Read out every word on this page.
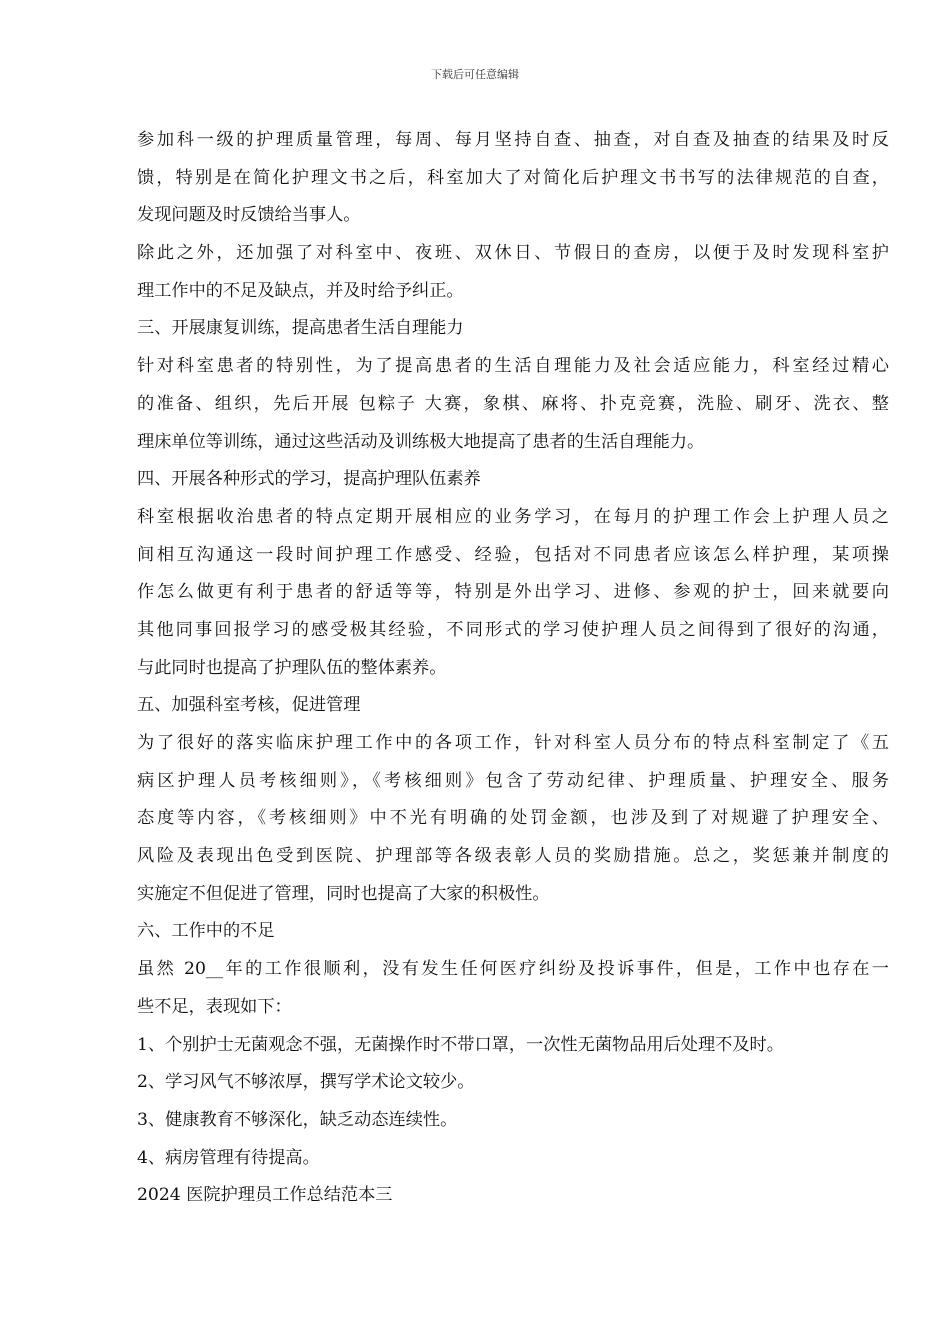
下载后可任意编辑
参加科一级的护理质量管理，每周、每月坚持自查、抽查，对自查及抽查的结果及时反
馈，特别是在简化护理文书之后，科室加大了对简化后护理文书书写的法律规范的自查，
发现问题及时反馈给当事人。
除此之外，还加强了对科室中、夜班、双休日、节假日的查房，以便于及时发现科室护
理工作中的不足及缺点，并及时给予纠正。
三、开展康复训练，提高患者生活自理能力
针对科室患者的特别性，为了提高患者的生活自理能力及社会适应能力，科室经过精心
的准备、组织，先后开展 包粽子 大赛，象棋、麻将、扑克竞赛，洗脸、刷牙、洗衣、整
理床单位等训练，通过这些活动及训练极大地提高了患者的生活自理能力。
四、开展各种形式的学习，提高护理队伍素养
科室根据收治患者的特点定期开展相应的业务学习，在每月的护理工作会上护理人员之
间相互沟通这一段时间护理工作感受、经验，包括对不同患者应该怎么样护理，某项操
作怎么做更有利于患者的舒适等等，特别是外出学习、进修、参观的护士，回来就要向
其他同事回报学习的感受极其经验，不同形式的学习使护理人员之间得到了很好的沟通，
与此同时也提高了护理队伍的整体素养。
五、加强科室考核，促进管理
为了很好的落实临床护理工作中的各项工作，针对科室人员分布的特点科室制定了《五
病区护理人员考核细则》，《考核细则》包含了劳动纪律、护理质量、护理安全、服务
态度等内容，《考核细则》中不光有明确的处罚金额，也涉及到了对规避了护理安全、
风险及表现出色受到医院、护理部等各级表彰人员的奖励措施。总之，奖惩兼并制度的
实施定不但促进了管理，同时也提高了大家的积极性。
六、工作中的不足
虽然 20__年的工作很顺利，没有发生任何医疗纠纷及投诉事件，但是，工作中也存在一
些不足，表现如下：
1、个别护士无菌观念不强，无菌操作时不带口罩，一次性无菌物品用后处理不及时。
2、学习风气不够浓厚，撰写学术论文较少。
3、健康教育不够深化，缺乏动态连续性。
4、病房管理有待提高。
2024 医院护理员工作总结范本三
